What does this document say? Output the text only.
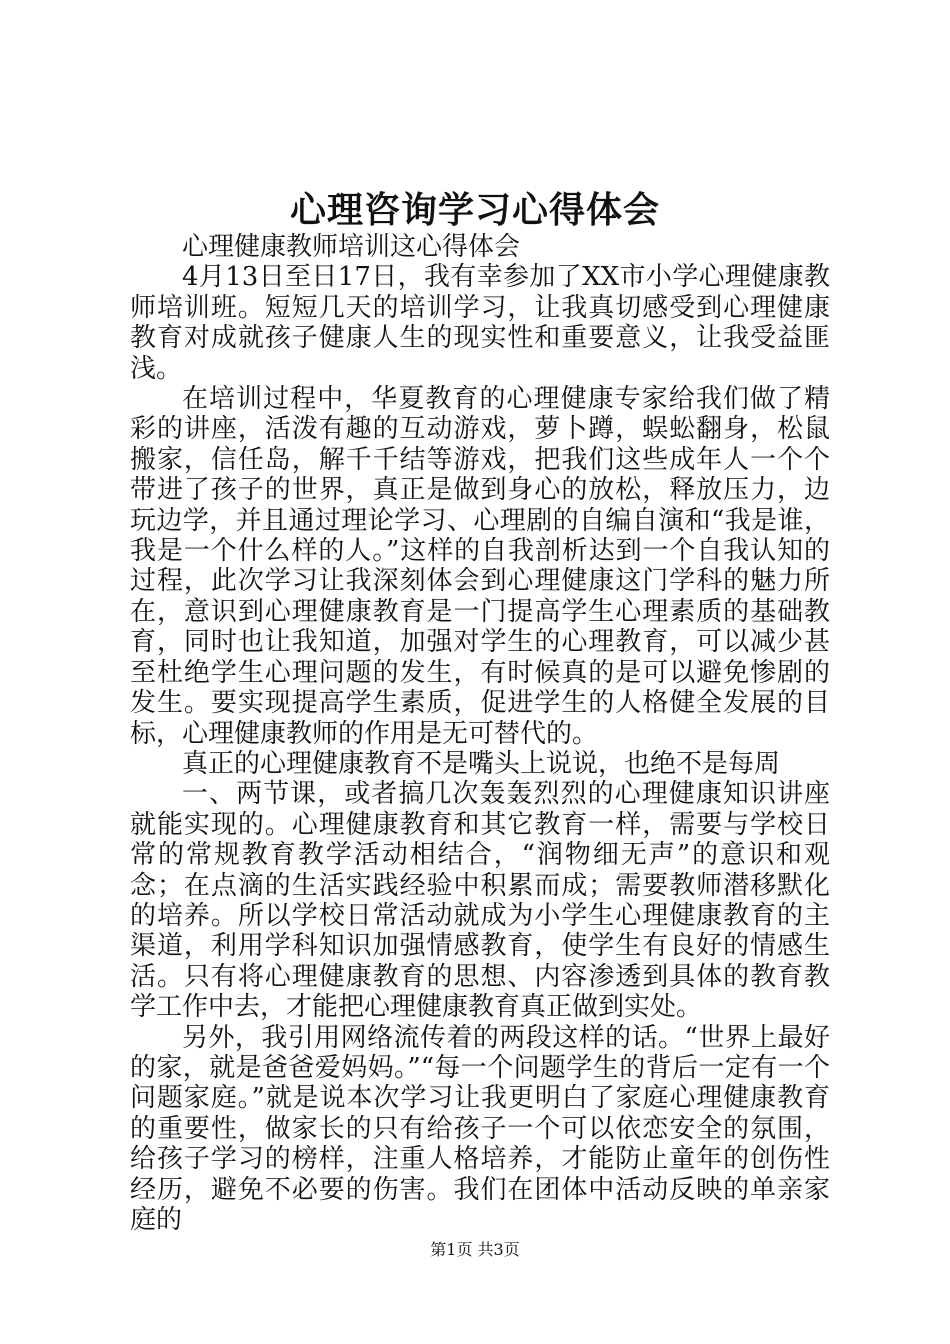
心理咨询学习心得体会

心理健康教师培训这心得体会

4月13日至日17日，我有幸参加了XX市小学心理健康教师培训班。短短几天的培训学习，让我真切感受到心理健康教育对成就孩子健康人生的现实性和重要意义，让我受益匪浅。

在培训过程中，华夏教育的心理健康专家给我们做了精彩的讲座，活泼有趣的互动游戏，萝卜蹲，蜈蚣翻身，松鼠搬家，信任岛，解千千结等游戏，把我们这些成年人一个个带进了孩子的世界，真正是做到身心的放松，释放压力，边玩边学，并且通过理论学习、心理剧的自编自演和“我是谁，我是一个什么样的人。”这样的自我剖析达到一个自我认知的过程，此次学习让我深刻体会到心理健康这门学科的魅力所在，意识到心理健康教育是一门提高学生心理素质的基础教育，同时也让我知道，加强对学生的心理教育，可以减少甚至杜绝学生心理问题的发生，有时候真的是可以避免惨剧的发生。要实现提高学生素质，促进学生的人格健全发展的目标，心理健康教师的作用是无可替代的。

真正的心理健康教育不是嘴头上说说，也绝不是每周

一、两节课，或者搞几次轰轰烈烈的心理健康知识讲座就能实现的。心理健康教育和其它教育一样，需要与学校日常的常规教育教学活动相结合，“润物细无声”的意识和观念；在点滴的生活实践经验中积累而成；需要教师潜移默化的培养。所以学校日常活动就成为小学生心理健康教育的主渠道，利用学科知识加强情感教育，使学生有良好的情感生活。只有将心理健康教育的思想、内容渗透到具体的教育教学工作中去，才能把心理健康教育真正做到实处。

另外，我引用网络流传着的两段这样的话。“世界上最好的家，就是爸爸爱妈妈。”“每一个问题学生的背后一定有一个问题家庭。”就是说本次学习让我更明白了家庭心理健康教育的重要性，做家长的只有给孩子一个可以依恋安全的氛围，给孩子学习的榜样，注重人格培养，才能防止童年的创伤性经历，避免不必要的伤害。我们在团体中活动反映的单亲家庭的

第1页 共3页
